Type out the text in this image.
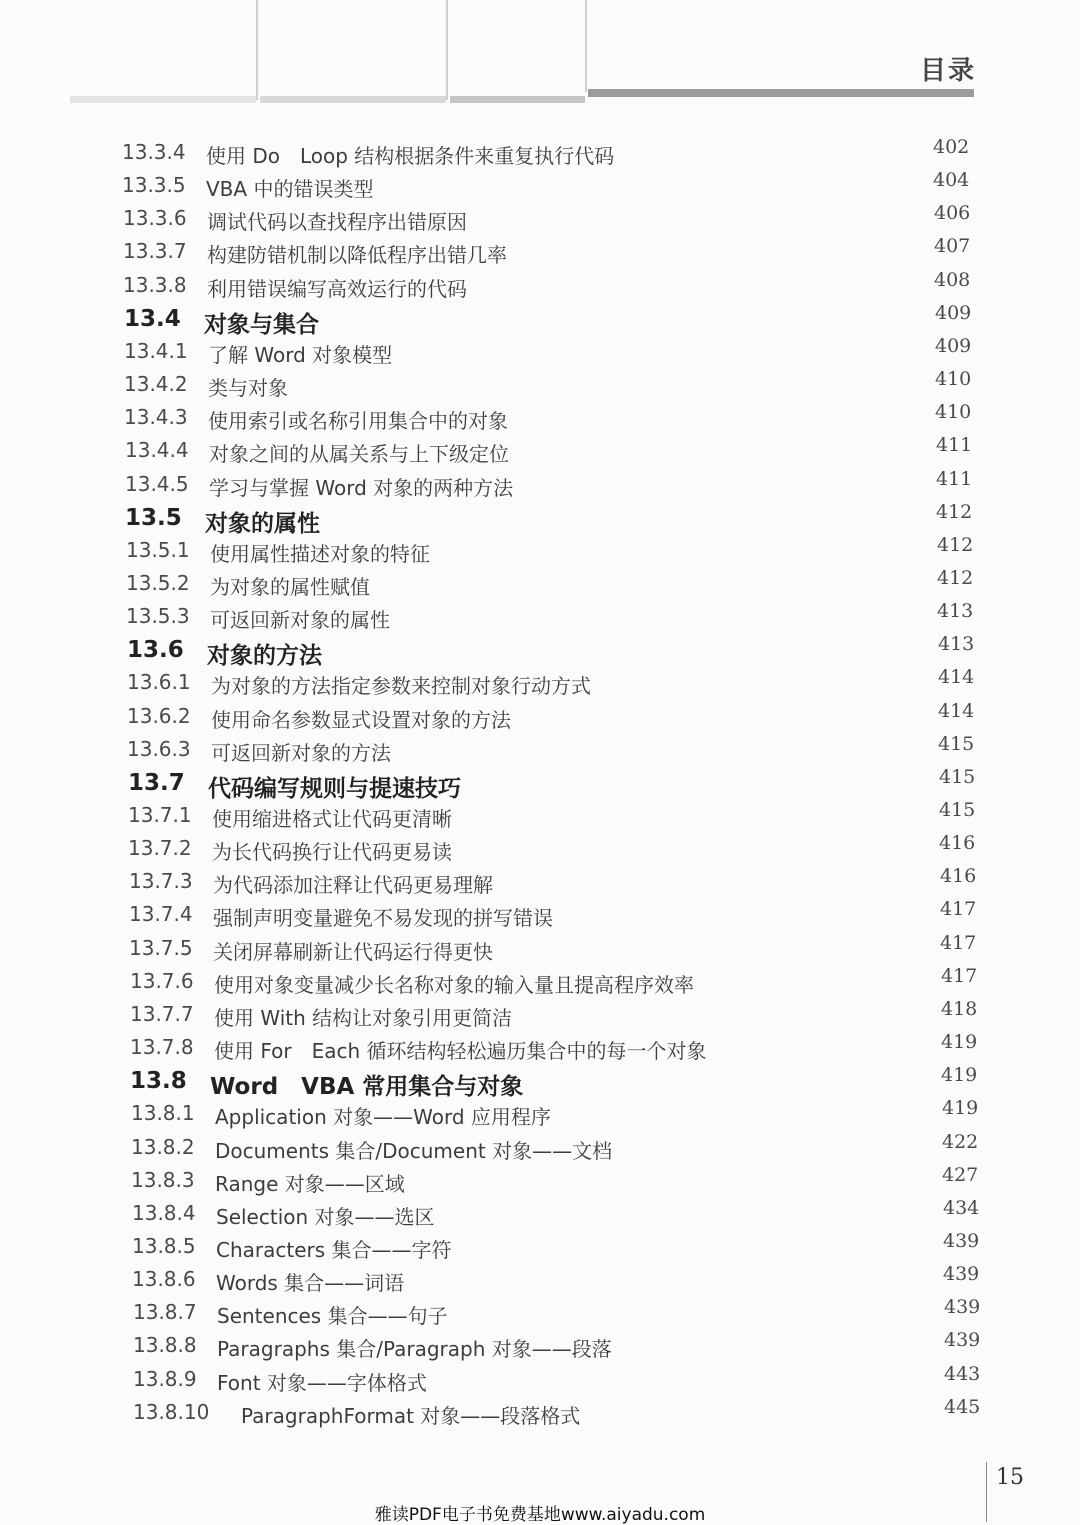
目录
13.3.4 使用 Do　Loop 结构根据条件来重复执行代码	402
13.3.5 VBA 中的错误类型	404
13.3.6 调试代码以查找程序出错原因	406
13.3.7 构建防错机制以降低程序出错几率	407
13.3.8 利用错误编写高效运行的代码	408
13.4 对象与集合	409
13.4.1 了解 Word 对象模型	409
13.4.2 类与对象	410
13.4.3 使用索引或名称引用集合中的对象	410
13.4.4 对象之间的从属关系与上下级定位	411
13.4.5 学习与掌握 Word 对象的两种方法	411
13.5 对象的属性	412
13.5.1 使用属性描述对象的特征	412
13.5.2 为对象的属性赋值	412
13.5.3 可返回新对象的属性	413
13.6 对象的方法	413
13.6.1 为对象的方法指定参数来控制对象行动方式	414
13.6.2 使用命名参数显式设置对象的方法	414
13.6.3 可返回新对象的方法	415
13.7 代码编写规则与提速技巧	415
13.7.1 使用缩进格式让代码更清晰	415
13.7.2 为长代码换行让代码更易读	416
13.7.3 为代码添加注释让代码更易理解	416
13.7.4 强制声明变量避免不易发现的拼写错误	417
13.7.5 关闭屏幕刷新让代码运行得更快	417
13.7.6 使用对象变量减少长名称对象的输入量且提高程序效率	417
13.7.7 使用 With 结构让对象引用更简洁	418
13.7.8 使用 For　Each 循环结构轻松遍历集合中的每一个对象	419
13.8 Word　VBA 常用集合与对象	419
13.8.1 Application 对象——Word 应用程序	419
13.8.2 Documents 集合/Document 对象——文档	422
13.8.3 Range 对象——区域	427
13.8.4 Selection 对象——选区	434
13.8.5 Characters 集合——字符	439
13.8.6 Words 集合——词语	439
13.8.7 Sentences 集合——句子	439
13.8.8 Paragraphs 集合/Paragraph 对象——段落	439
13.8.9 Font 对象——字体格式	443
13.8.10 ParagraphFormat 对象——段落格式	445
15
雅读PDF电子书免费基地www.aiyadu.com
